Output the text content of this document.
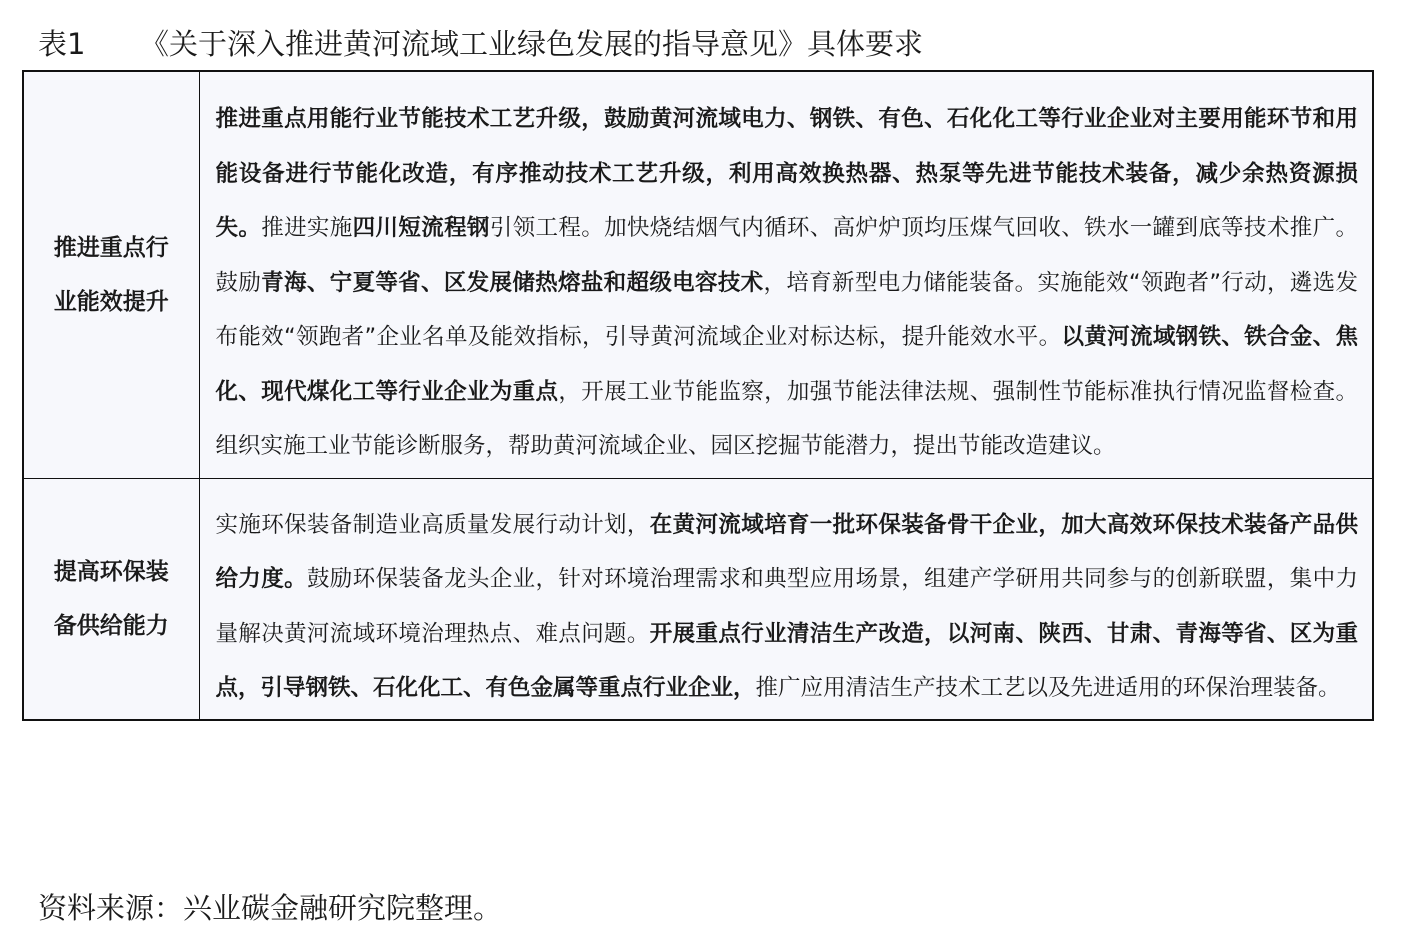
表1 《关于深入推进黄河流域工业绿色发展的指导意见》具体要求
推进重点行
业能效提升	推进重点用能行业节能技术工艺升级，鼓励黄河流域电力、钢铁、有色、石化化工等行业企业对主要用能环节和用能设备进行节能化改造，有序推动技术工艺升级，利用高效换热器、热泵等先进节能技术装备，减少余热资源损失。推进实施四川短流程钢引领工程。加快烧结烟气内循环、高炉炉顶均压煤气回收、铁水一罐到底等技术推广。鼓励青海、宁夏等省、区发展储热熔盐和超级电容技术，培育新型电力储能装备。实施能效“领跑者”行动，遴选发布能效“领跑者”企业名单及能效指标，引导黄河流域企业对标达标，提升能效水平。以黄河流域钢铁、铁合金、焦化、现代煤化工等行业企业为重点，开展工业节能监察，加强节能法律法规、强制性节能标准执行情况监督检查。组织实施工业节能诊断服务，帮助黄河流域企业、园区挖掘节能潜力，提出节能改造建议。

提高环保装
备供给能力	实施环保装备制造业高质量发展行动计划，在黄河流域培育一批环保装备骨干企业，加大高效环保技术装备产品供给力度。鼓励环保装备龙头企业，针对环境治理需求和典型应用场景，组建产学研用共同参与的创新联盟，集中力量解决黄河流域环境治理热点、难点问题。开展重点行业清洁生产改造，以河南、陕西、甘肃、青海等省、区为重点，引导钢铁、石化化工、有色金属等重点行业企业，推广应用清洁生产技术工艺以及先进适用的环保治理装备。
资料来源：兴业碳金融研究院整理。
